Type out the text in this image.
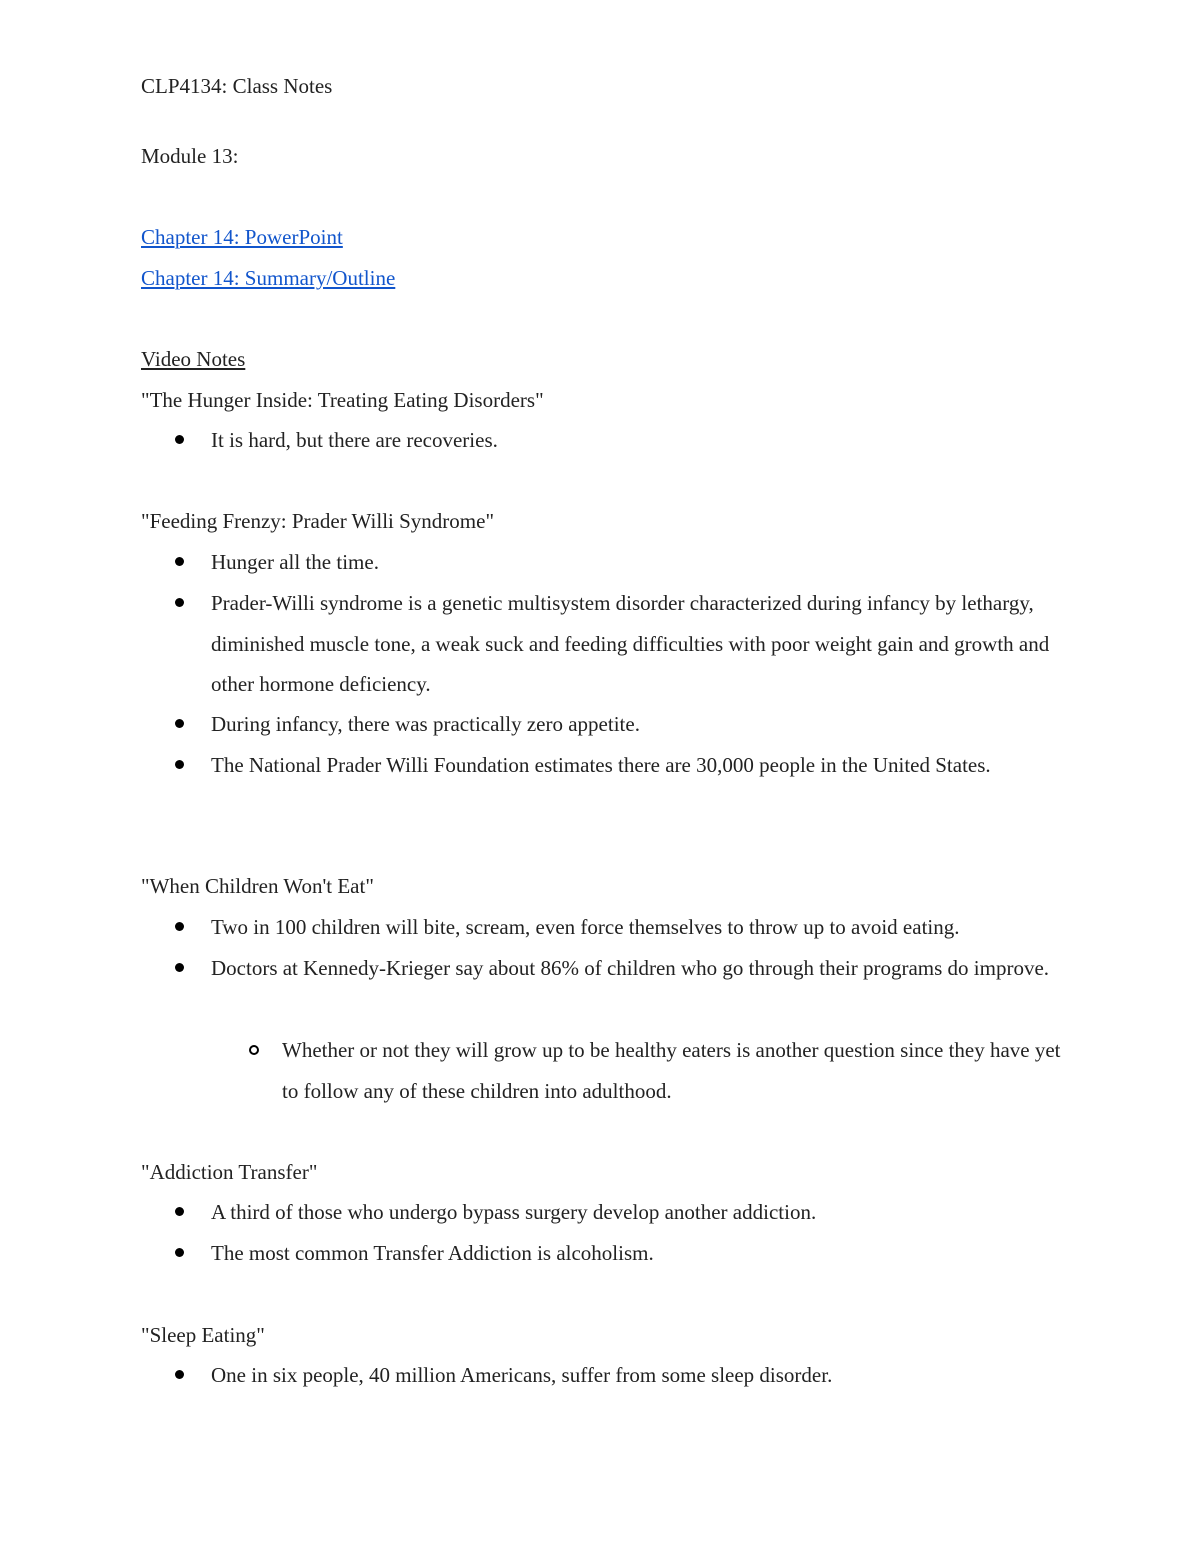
CLP4134: Class Notes
Module 13:
Chapter 14: PowerPoint
Chapter 14: Summary/Outline
Video Notes
"The Hunger Inside: Treating Eating Disorders"
It is hard, but there are recoveries.
"Feeding Frenzy: Prader Willi Syndrome"
Hunger all the time.
Prader-Willi syndrome is a genetic multisystem disorder characterized during infancy by lethargy, diminished muscle tone, a weak suck and feeding difficulties with poor weight gain and growth and other hormone deficiency.
During infancy, there was practically zero appetite.
The National Prader Willi Foundation estimates there are 30,000 people in the United States.
"When Children Won't Eat"
Two in 100 children will bite, scream, even force themselves to throw up to avoid eating.
Doctors at Kennedy-Krieger say about 86% of children who go through their programs do improve.
Whether or not they will grow up to be healthy eaters is another question since they have yet to follow any of these children into adulthood.
"Addiction Transfer"
A third of those who undergo bypass surgery develop another addiction.
The most common Transfer Addiction is alcoholism.
"Sleep Eating"
One in six people, 40 million Americans, suffer from some sleep disorder.
